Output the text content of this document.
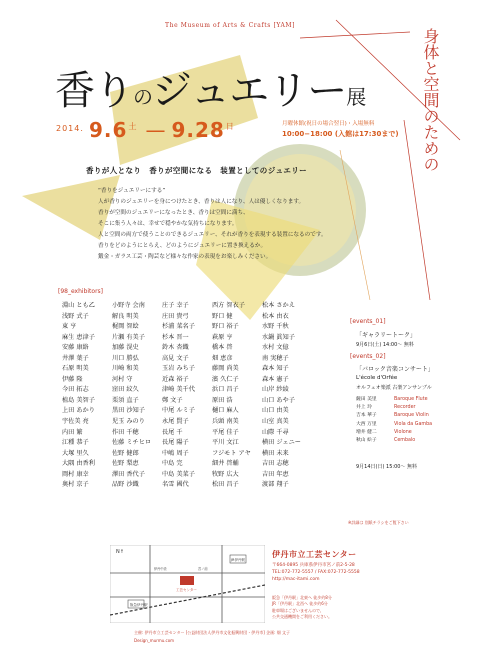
The Museum of Arts & Crafts [YAM]
身体と空間のための
香りのジュエリー展
$^{2014.}$ $9.6^土$ — $9.28^日$	月曜休館(祝日の場合翌日)・入場無料
10:00−18:00 (入館は17:30まで)
香りが人となり　香りが空間になる　装置としてのジュエリー

“香りをジュエリーにする”

人が香りのジュエリーを身につけたとき、香りは人になり、人は優しくなります。

香りが空間のジュエリーになったとき、香りは空間に満ち、

そこに集う人々は、幸せで穏やかな気持ちになります。

人と空間の両方で使うことのできるジュエリー、それが香りを表現する装置になるのです。

香りをどのようにとらえ、どのようにジュエリーに置き換えるか。

鍛金・ガラス工芸・陶芸など様々な作家の表現をお楽しみください。

[98_exhibitors]
淵山 とも乙	小野寺 会南	庄子 幸子	西方 智衣子	松本 さかえ
浅野 式子	解良 明美	庄田 貴弓	野口 健	松本 由衣
東 亨	梶岡 智絵	杉浦 菜名子	野口 裕子	水野 千秋
麻生 恵津子	片瀬 有美子	杉本 晋一	萩原 亨	水鍋 眞知子
安藤 康絡	加藤 滉史	鈴木 杏織	橋本 啓	水村 文億
井澤 葉子	川口 勝弘	高見 文子	畑 恵彦	南 実穂子
石原 明美	川崎 和美	玉岩 みち子	藤岡 尚美	森本 知子
伊藤 隆	河村 守	近森 裕子	濱 久仁子	森本 憲子
今田 拓志	窪田 紋久	津崎 美千代	浜口 昌子	山岸 紗綾
植島 美智子	栗須 直子	鄭 文子	原田 浩	山口 あや子
上田 あかり	黒田 沙知子	中尾 ルミ子	樋口 麻人	山口 由美
宇佐美 亮	児玉 みのり	永尾 賢子	兵頭 南美	山室 真美
内田 繁	作田 千穂	長尾 千	平尾 佳子	山際 千尋
江種 恭子	佐藤 ミチヒロ	長尾 陽子	平川 文江	横田 ジェニー
大塚 里久	佐野 健郎	中嶋 周子	フジモト アヤ	横田 未来
大隅 由香利	佐野 梨恵	中島 完	細井 啓輔	吉田 志穂
岡村 康幸	澤田 香代子	中島 美菜子	牧野 広大	吉田 年恵
奥村 京子	品野 沙織	名雪 國代	松田 昌子	渡部 翔子
[events_01]
「ギャラリートーク」
9月6日(土) 14:00～ 無料
[events_02]
「バロック音楽コンサート」
L'école d'Orfée
オルフェオ楽派 古楽アンサンブル
薩田 美里	Baroque Flute
井上 玲	Recorder
吉本 華子	Baroque Violin
大西 万里	Viola da Gamba
増井 健二	Violone
秋山 絵子	Cembalo
9月14日(日) 15:00～ 無料
※詳細は 別紙チラシをご覧下さい
阪急伊丹駅
JR伊丹駅
工芸センター
伊丹中央	宮ノ前
N↑	伊丹市立工芸センター

〒664-0895 兵庫県伊丹市宮ノ前2-5-28

TEL:072-772-5557 / FAX:072-772-5558

http://mac-itami.com

阪急「伊丹駅」北東へ 徒歩約8分

JR「伊丹駅」北西へ 徒歩約6分

駐車場はございませんので、

公共交通機関をご利用ください。

主催: 伊丹市立工芸センター [公益財団法人伊丹市文化振興財団・伊丹市] 企画: 畑 文子
Design_murmu.com
